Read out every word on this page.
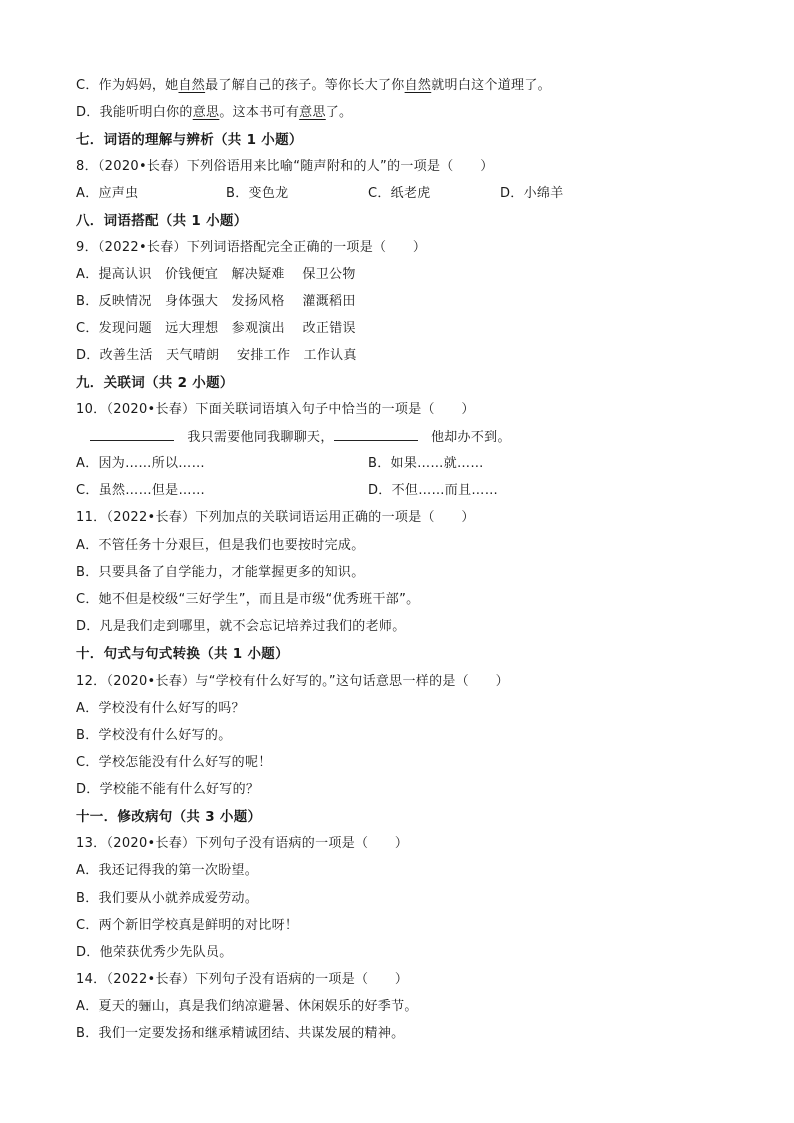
C．作为妈妈，她自然最了解自己的孩子。等你长大了你自然就明白这个道理了。
D．我能听明白你的意思。这本书可有意思了。
七．词语的理解与辨析（共 1 小题）
8．（2020•长春）下列俗语用来比喻“随声附和的人”的一项是（　　）
A．应声虫	B．变色龙	C．纸老虎	D．小绵羊
八．词语搭配（共 1 小题）
9．（2022•长春）下列词语搭配完全正确的一项是（　　）
A．提高认识　价钱便宜　解决疑难　 保卫公物
B．反映情况　身体强大　发扬风格　 灌溉稻田
C．发现问题　远大理想　参观演出　 改正错误
D．改善生活　天气晴朗　 安排工作　工作认真
九．关联词（共 2 小题）
10．（2020•长春）下面关联词语填入句子中恰当的一项是（　　）
　我只需要他同我聊聊天，　	他却办不到。
A．因为……所以……	B．如果……就……
C．虽然……但是……	D．不但……而且……
11．（2022•长春）下列加点的关联词语运用正确的一项是（　　）
A．不管任务十分艰巨，但是我们也要按时完成。
B．只要具备了自学能力，才能掌握更多的知识。
C．她不但是校级“三好学生”，而且是市级“优秀班干部”。
D．凡是我们走到哪里，就不会忘记培养过我们的老师。
十．句式与句式转换（共 1 小题）
12．（2020•长春）与“学校有什么好写的。”这句话意思一样的是（　　）
A．学校没有什么好写的吗？
B．学校没有什么好写的。
C．学校怎能没有什么好写的呢！
D．学校能不能有什么好写的？
十一．修改病句（共 3 小题）
13．（2020•长春）下列句子没有语病的一项是（　　）
A．我还记得我的第一次盼望。
B．我们要从小就养成爱劳动。
C．两个新旧学校真是鲜明的对比呀！
D．他荣获优秀少先队员。
14．（2022•长春）下列句子没有语病的一项是（　　）
A．夏天的骊山，真是我们纳凉避暑、休闲娱乐的好季节。
B．我们一定要发扬和继承精诚团结、共谋发展的精神。
